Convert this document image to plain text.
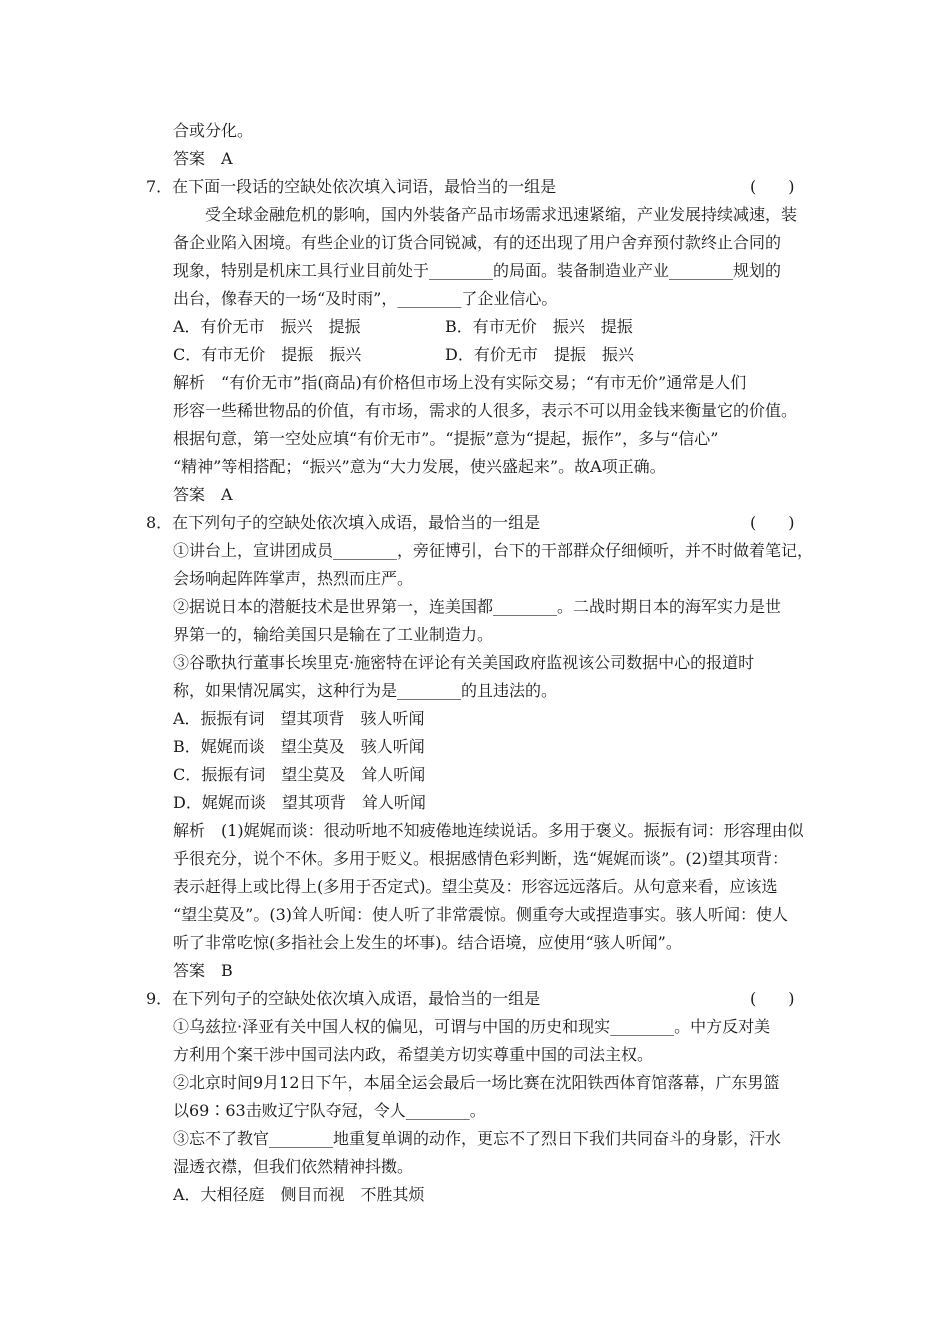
合或分化。
答案　A
7．在下面一段话的空缺处依次填入词语，最恰当的一组是	(　　)
受全球金融危机的影响，国内外装备产品市场需求迅速紧缩，产业发展持续减速，装
备企业陷入困境。有些企业的订货合同锐减，有的还出现了用户舍弃预付款终止合同的
现象，特别是机床工具行业目前处于________的局面。装备制造业产业________规划的
出台，像春天的一场“及时雨”，________了企业信心。
A．有价无市　振兴　提振	B．有市无价　振兴　提振
C．有市无价　提振　振兴	D．有价无市　提振　振兴
解析　“有价无市”指(商品)有价格但市场上没有实际交易；“有市无价”通常是人们
形容一些稀世物品的价值，有市场，需求的人很多，表示不可以用金钱来衡量它的价值。
根据句意，第一空处应填“有价无市”。“提振”意为“提起，振作”，多与“信心”
“精神”等相搭配；“振兴”意为“大力发展，使兴盛起来”。故A项正确。
答案　A
8．在下列句子的空缺处依次填入成语，最恰当的一组是	(　　)
①讲台上，宣讲团成员________，旁征博引，台下的干部群众仔细倾听，并不时做着笔记，
会场响起阵阵掌声，热烈而庄严。
②据说日本的潜艇技术是世界第一，连美国都________。二战时期日本的海军实力是世
界第一的，输给美国只是输在了工业制造力。
③谷歌执行董事长埃里克·施密特在评论有关美国政府监视该公司数据中心的报道时
称，如果情况属实，这种行为是________的且违法的。
A．振振有词　望其项背　骇人听闻
B．娓娓而谈　望尘莫及　骇人听闻
C．振振有词　望尘莫及　耸人听闻
D．娓娓而谈　望其项背　耸人听闻
解析　(1)娓娓而谈：很动听地不知疲倦地连续说话。多用于褒义。振振有词：形容理由似
乎很充分，说个不休。多用于贬义。根据感情色彩判断，选“娓娓而谈”。(2)望其项背：
表示赶得上或比得上(多用于否定式)。望尘莫及：形容远远落后。从句意来看，应该选
“望尘莫及”。(3)耸人听闻：使人听了非常震惊。侧重夸大或捏造事实。骇人听闻：使人
听了非常吃惊(多指社会上发生的坏事)。结合语境，应使用“骇人听闻”。
答案　B
9．在下列句子的空缺处依次填入成语，最恰当的一组是	(　　)
①乌兹拉·泽亚有关中国人权的偏见，可谓与中国的历史和现实________。中方反对美
方利用个案干涉中国司法内政，希望美方切实尊重中国的司法主权。
②北京时间9月12日下午，本届全运会最后一场比赛在沈阳铁西体育馆落幕，广东男篮
以69∶63击败辽宁队夺冠，令人________。
③忘不了教官________地重复单调的动作，更忘不了烈日下我们共同奋斗的身影，汗水
湿透衣襟，但我们依然精神抖擞。
A．大相径庭　侧目而视　不胜其烦
